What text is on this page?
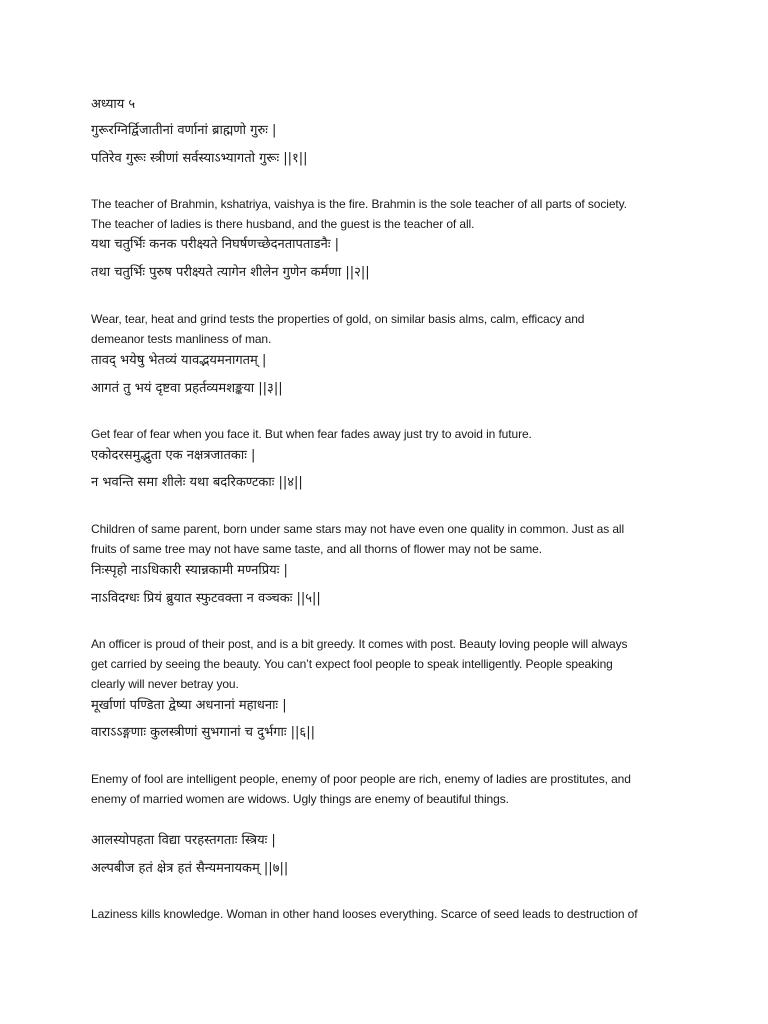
अध्याय ५
गुरूरग्निर्द्विजातीनां वर्णानां ब्राह्मणो गुरुः |
पतिरेव गुरूः स्त्रीणां सर्वस्याऽभ्यागतो गुरूः ||१||
The teacher of Brahmin, kshatriya, vaishya is the fire. Brahmin is the sole teacher of all parts of society.
The teacher of ladies is there husband, and the guest is the teacher of all.
यथा चतुर्भिः कनक परीक्ष्यते निघर्षणच्छेदनतापताडनैः |
तथा चतुर्भिः पुरुष परीक्ष्यते त्यागेन शीलेन गुणेन कर्मणा ||२||
Wear, tear, heat and grind tests the properties of gold, on similar basis alms, calm, efficacy and
demeanor tests manliness of man.
तावद् भयेषु भेतव्यं यावद्भयमनागतम् |
आगतं तु भयं दृष्टवा प्रहर्तव्यमशङ्कया ||३||
Get fear of fear when you face it. But when fear fades away just try to avoid in future.
एकोदरसमुद्भुता एक नक्षत्रजातकाः |
न भवन्ति समा शीलेः यथा बदरिकण्टकाः ||४||
Children of same parent, born under same stars may not have even one quality in common. Just as all
fruits of same tree may not have same taste, and all thorns of flower may not be same.
निःस्पृहो नाऽधिकारी स्यान्नकामी मण्नप्रियः |
नाऽविदग्धः प्रियं ब्रुयात स्फुटवक्ता न वञ्चकः ||५||
An officer is proud of their post, and is a bit greedy. It comes with post. Beauty loving people will always
get carried by seeing the beauty. You can’t expect fool people to speak intelligently. People speaking
clearly will never betray you.
मूर्खाणां पण्डिता द्वेष्या अधनानां महाधनाः |
वाराऽऽङ्गणाः कुलस्त्रीणां सुभगानां च दुर्भगाः ||६||
Enemy of fool are intelligent people, enemy of poor people are rich, enemy of ladies are prostitutes, and
enemy of married women are widows. Ugly things are enemy of beautiful things.
आलस्योपहता विद्या परहस्तगताः स्त्रियः |
अल्पबीज हतं क्षेत्र हतं सैन्यमनायकम् ||७||
Laziness kills knowledge. Woman in other hand looses everything. Scarce of seed leads to destruction of
